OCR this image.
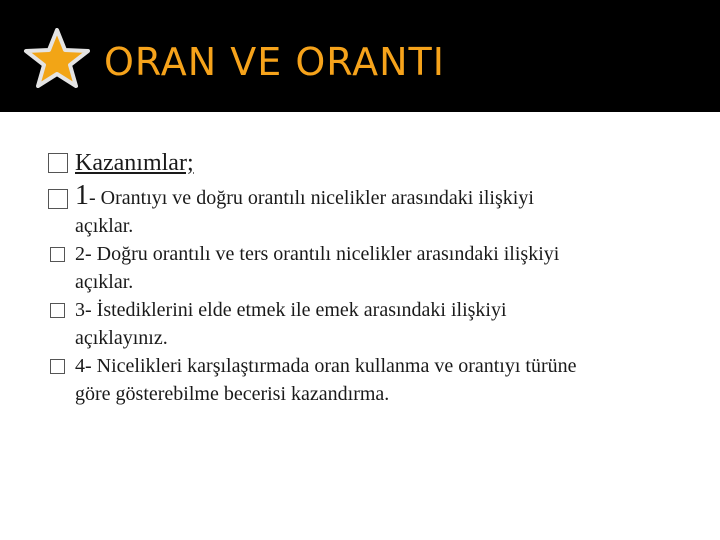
ORAN VE ORANTI
Kazanımlar;
1- Orantıyı ve doğru orantılı nicelikler arasındaki ilişkiyi
açıklar.
2- Doğru orantılı ve ters orantılı nicelikler arasındaki ilişkiyi
açıklar.
3- İstediklerini elde etmek ile emek arasındaki ilişkiyi
açıklayınız.
4- Nicelikleri karşılaştırmada oran kullanma ve orantıyı türüne
göre gösterebilme becerisi kazandırma.
